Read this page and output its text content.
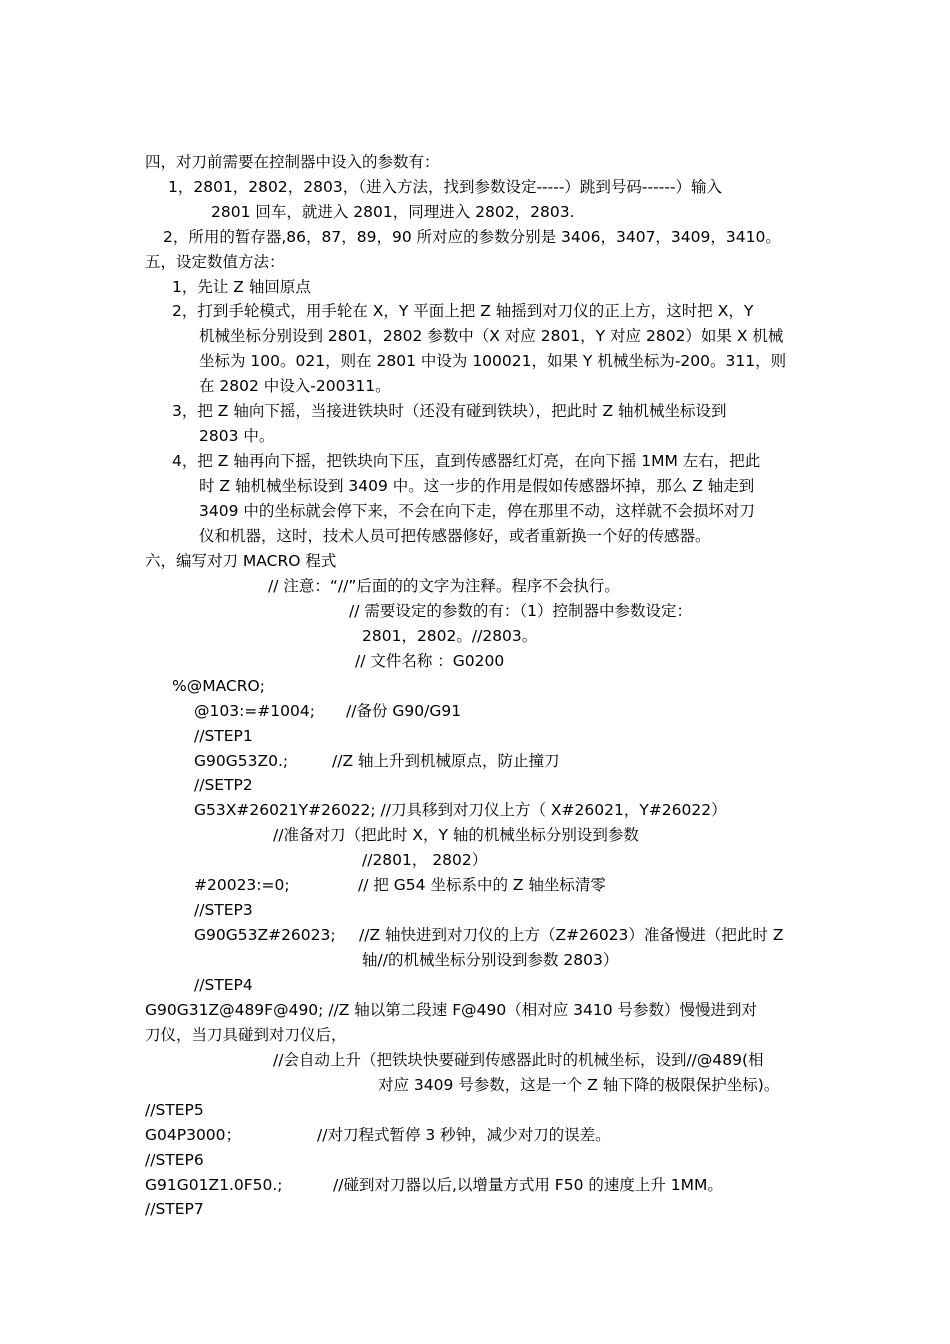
四，对刀前需要在控制器中设入的参数有：
1，2801，2802，2803，（进入方法，找到参数设定-----）跳到号码------）输入
2801 回车，就进入 2801，同理进入 2802，2803.
2，所用的暂存器,86，87，89，90 所对应的参数分别是 3406，3407，3409，3410。
五，设定数值方法：
1，先让 Z 轴回原点
2，打到手轮模式，用手轮在 X，Y 平面上把 Z 轴摇到对刀仪的正上方，这时把 X，Y
机械坐标分别设到 2801，2802 参数中（X 对应 2801，Y 对应 2802）如果 X 机械
坐标为 100。021，则在 2801 中设为 100021，如果 Y 机械坐标为-200。311，则
在 2802 中设入-200311。
3，把 Z 轴向下摇，当接进铁块时（还没有碰到铁块），把此时 Z 轴机械坐标设到
2803 中。
4，把 Z 轴再向下摇，把铁块向下压，直到传感器红灯亮，在向下摇 1MM 左右，把此
时 Z 轴机械坐标设到 3409 中。这一步的作用是假如传感器坏掉，那么 Z 轴走到
3409 中的坐标就会停下来，不会在向下走，停在那里不动，这样就不会损坏对刀
仪和机器，这时，技术人员可把传感器修好，或者重新换一个好的传感器。
六，编写对刀 MACRO 程式
// 注意：“//”后面的的文字为注释。程序不会执行。
// 需要设定的参数的有：（1）控制器中参数设定：
2801，2802。//2803。
// 文件名称 ：G0200
%@MACRO;
@103:=#1004; //备份 G90/G91
//STEP1
G90G53Z0.;	//Z 轴上升到机械原点，防止撞刀
//SETP2
G53X#26021Y#26022; //刀具移到对刀仪上方（ X#26021，Y#26022）
//准备对刀（把此时 X，Y 轴的机械坐标分别设到参数
//2801， 2802）
#20023:=0;	// 把 G54 坐标系中的 Z 轴坐标清零
//STEP3
G90G53Z#26023; //Z 轴快进到对刀仪的上方（Z#26023）准备慢进（把此时 Z
轴//的机械坐标分别设到参数 2803）
//STEP4
G90G31Z@489F@490; //Z 轴以第二段速 F@490（相对应 3410 号参数）慢慢进到对
刀仪，当刀具碰到对刀仪后，
//会自动上升（把铁块快要碰到传感器此时的机械坐标，设到//@489(相
对应 3409 号参数，这是一个 Z 轴下降的极限保护坐标)。
//STEP5
G04P3000；	//对刀程式暂停 3 秒钟，减少对刀的误差。
//STEP6
G91G01Z1.0F50.;	//碰到对刀器以后,以增量方式用 F50 的速度上升 1MM。
//STEP7
